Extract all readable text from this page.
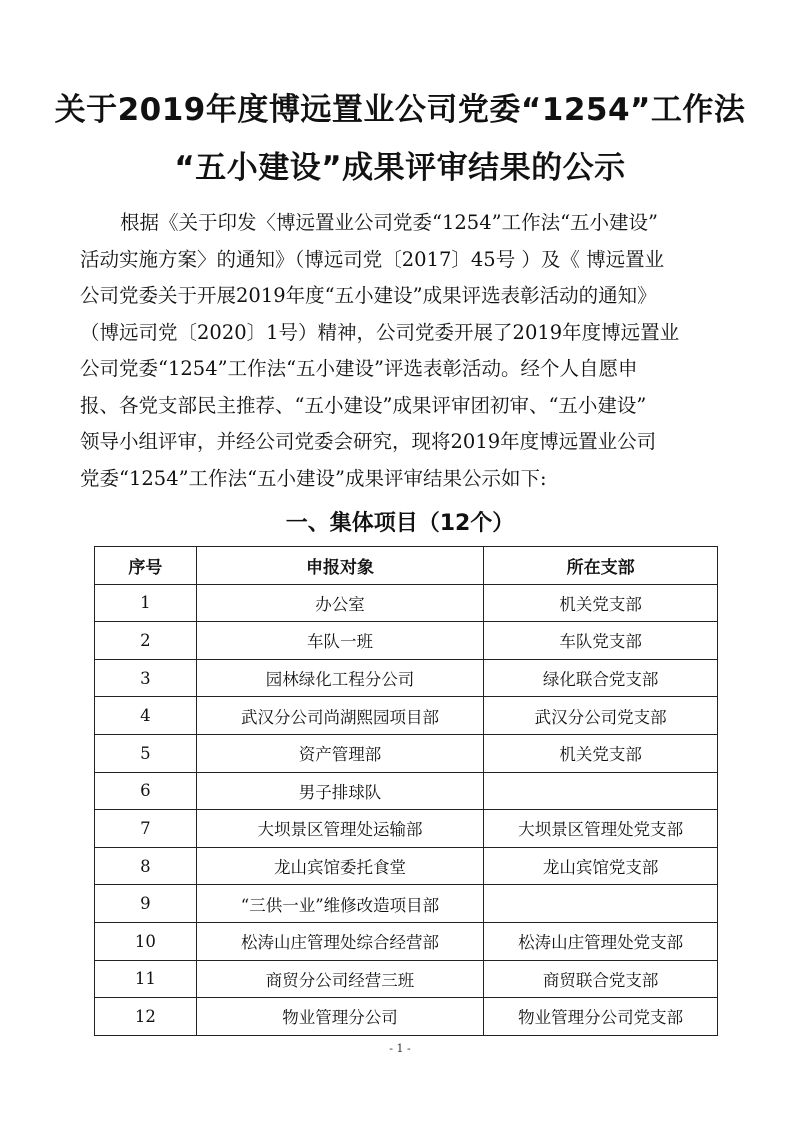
关于2019年度博远置业公司党委“1254”工作法
“五小建设”成果评审结果的公示
根据《关于印发〈博远置业公司党委“1254”工作法“五小建设”
活动实施方案〉的通知》（博远司党〔2017〕45号 ）及《 博远置业
公司党委关于开展2019年度“五小建设”成果评选表彰活动的通知》
（博远司党〔2020〕1号）精神，公司党委开展了2019年度博远置业
公司党委“1254”工作法“五小建设”评选表彰活动。经个人自愿申
报、各党支部民主推荐、“五小建设”成果评审团初审、“五小建设”
领导小组评审，并经公司党委会研究，现将2019年度博远置业公司
党委“1254”工作法“五小建设”成果评审结果公示如下:
一、集体项目（12个）
序号	申报对象	所在支部
1	办公室	机关党支部
2	车队一班	车队党支部
3	园林绿化工程分公司	绿化联合党支部
4	武汉分公司尚湖熙园项目部	武汉分公司党支部
5	资产管理部	机关党支部
6	男子排球队	
7	大坝景区管理处运输部	大坝景区管理处党支部
8	龙山宾馆委托食堂	龙山宾馆党支部
9	“三供一业”维修改造项目部	
10	松涛山庄管理处综合经营部	松涛山庄管理处党支部
11	商贸分公司经营三班	商贸联合党支部
12	物业管理分公司	物业管理分公司党支部
- 1 -
